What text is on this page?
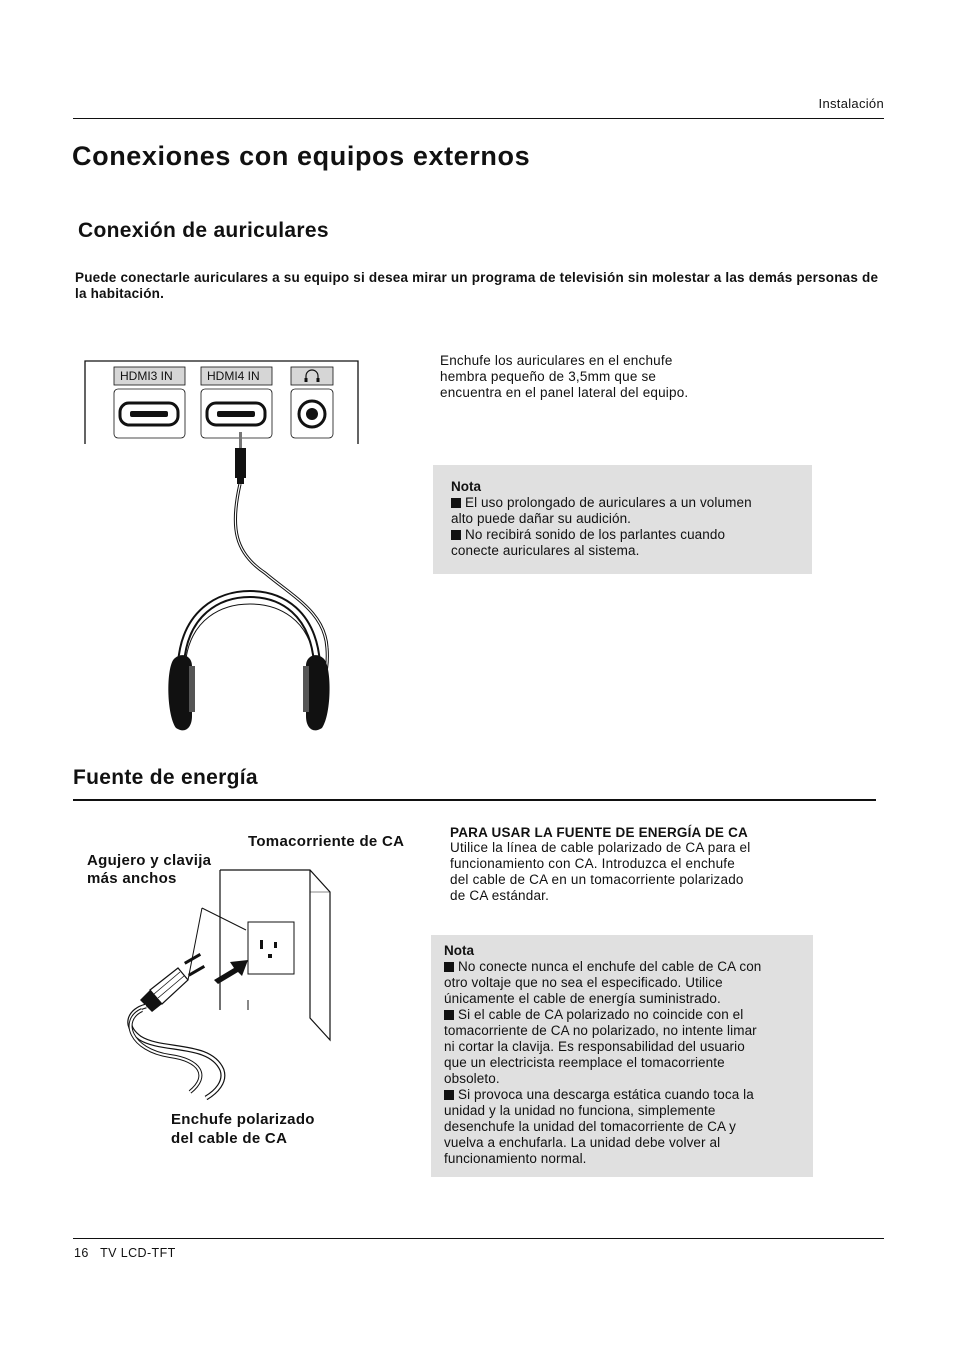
Instalación
Conexiones con equipos externos
Conexión de auriculares
Puede conectarle auriculares a su equipo si desea mirar un programa de televisión sin molestar a las demás personas de la habitación.
HDMI3 IN	HDMI4 IN
Enchufe los auriculares en el enchufe
hembra pequeño de 3,5mm que se
encuentra en el panel lateral del equipo.
Nota
El uso prolongado de auriculares a un volumen
alto puede dañar su audición.
No recibirá sonido de los parlantes cuando
conecte auriculares al sistema.
Fuente de energía
Tomacorriente de CA
Agujero y clavija
más anchos
Enchufe polarizado
del cable de CA
PARA USAR LA FUENTE DE ENERGÍA DE CA
Utilice la línea de cable polarizado de CA para el
funcionamiento con CA. Introduzca el enchufe
del cable de CA en un tomacorriente polarizado
de CA estándar.
Nota
No conecte nunca el enchufe del cable de CA con
otro voltaje que no sea el especificado. Utilice
únicamente el cable de energía suministrado.
Si el cable de CA polarizado no coincide con el
tomacorriente de CA no polarizado, no intente limar
ni cortar la clavija. Es responsabilidad del usuario
que un electricista reemplace el tomacorriente
obsoleto.
Si provoca una descarga estática cuando toca la
unidad y la unidad no funciona, simplemente
desenchufe la unidad del tomacorriente de CA y
vuelva a enchufarla. La unidad debe volver al
funcionamiento normal.
16 TV LCD-TFT
